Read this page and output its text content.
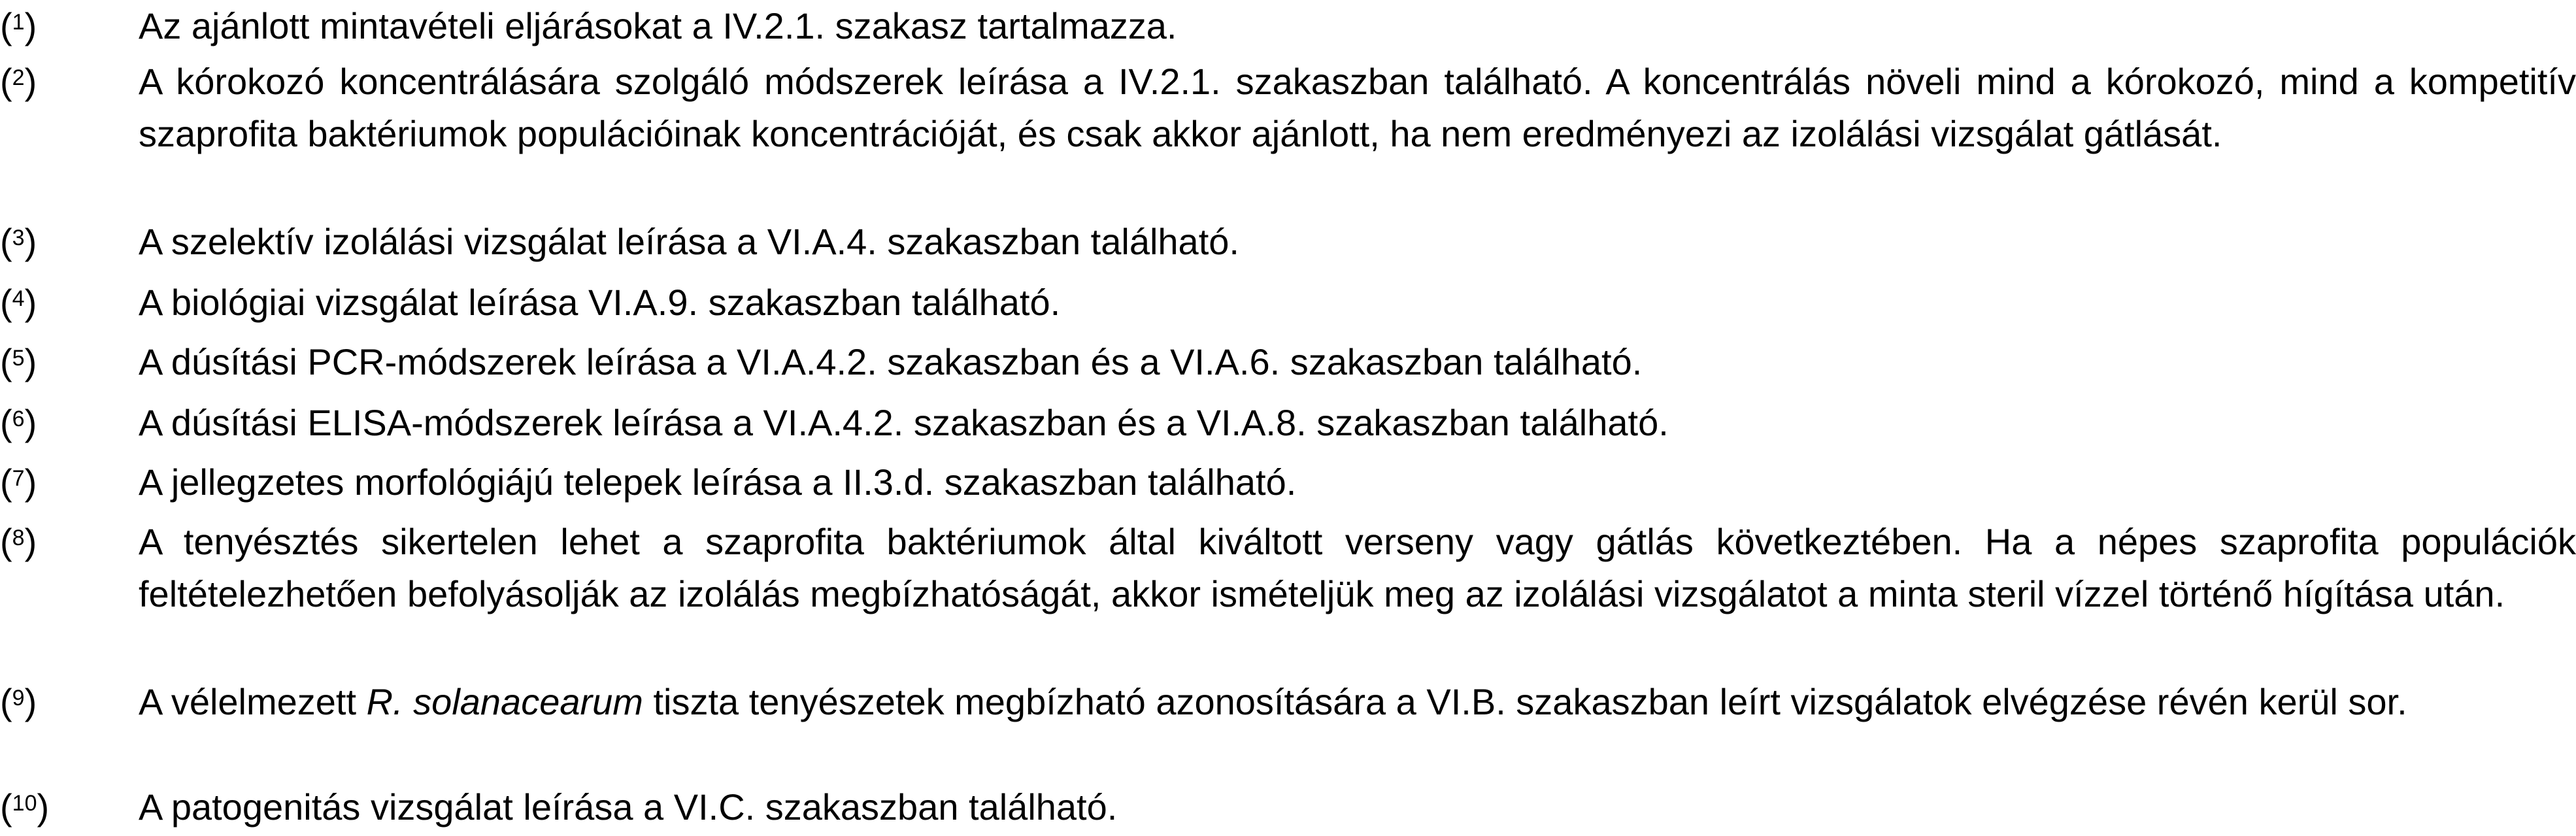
($^1$)	Az ajánlott mintavételi eljárásokat a IV.2.1. szakasz tartalmazza.
($^2$)	A kórokozó koncentrálására szolgáló módszerek leírása a IV.2.1. szakaszban található. A koncentrálás növeli mind a kórokozó, mind a kompetitív szaprofita baktériumok populációinak koncentrációját, és csak akkor ajánlott, ha nem eredményezi az izolálási vizsgálat gátlását.
($^3$)	A szelektív izolálási vizsgálat leírása a VI.A.4. szakaszban található.
($^4$)	A biológiai vizsgálat leírása VI.A.9. szakaszban található.
($^5$)	A dúsítási PCR-módszerek leírása a VI.A.4.2. szakaszban és a VI.A.6. szakaszban található.
($^6$)	A dúsítási ELISA-módszerek leírása a VI.A.4.2. szakaszban és a VI.A.8. szakaszban található.
($^7$)	A jellegzetes morfológiájú telepek leírása a II.3.d. szakaszban található.
($^8$)	A tenyésztés sikertelen lehet a szaprofita baktériumok által kiváltott verseny vagy gátlás következtében. Ha a népes szaprofita populációk feltételezhetően befolyásolják az izolálás megbízhatóságát, akkor ismételjük meg az izolálási vizsgálatot a minta steril vízzel történő hígítása után.
($^9$)	A vélelmezett R. solanacearum tiszta tenyészetek megbízható azonosítására a VI.B. szakaszban leírt vizsgálatok elvégzése révén kerül sor.
($^{10}$) A patogenitás vizsgálat leírása a VI.C. szakaszban található.
